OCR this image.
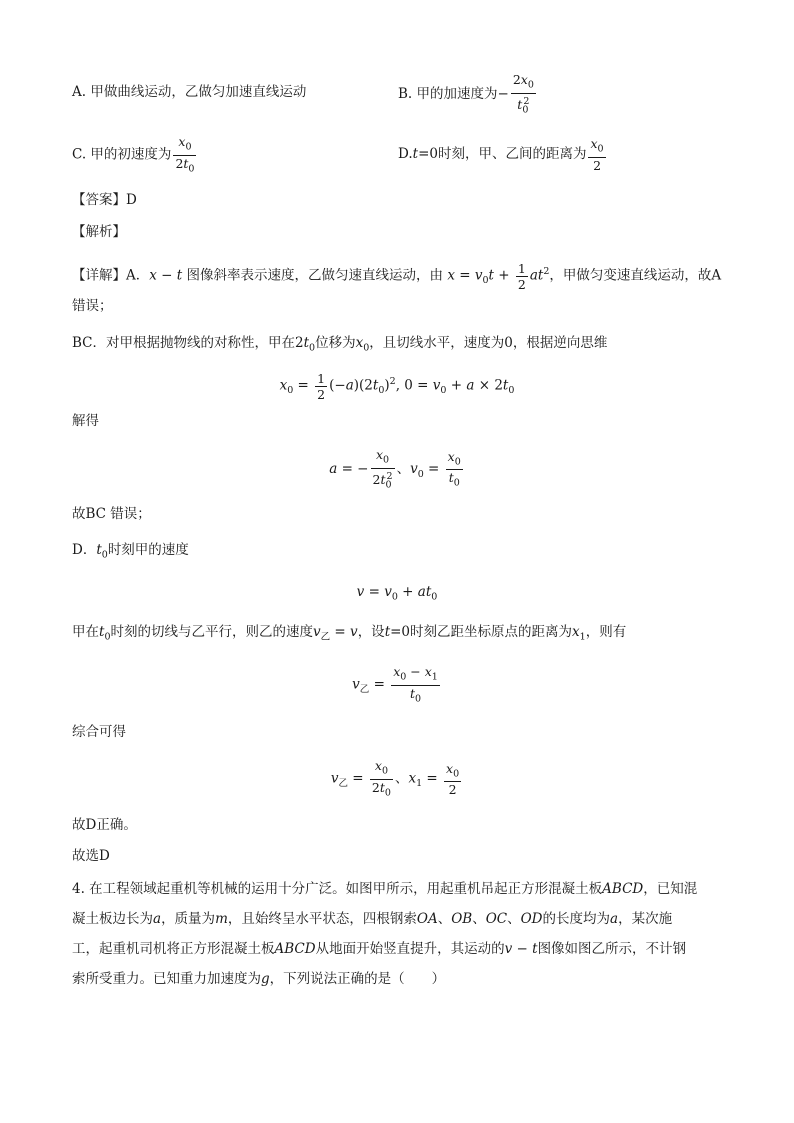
A. 甲做曲线运动，乙做匀加速直线运动	B. 甲的加速度为− $\frac{2x_0}{t_0^2}$
C. 甲的初速度为 $\frac{x_0}{2t_0}$	D.t=0时刻，甲、乙间的距离为 $\frac{x_0}{2}$
【答案】D
【解析】
【详解】A．x − t 图像斜率表示速度，乙做匀速直线运动，由 $x = v_0t + \frac{1}{2} at^2$，甲做匀变速直线运动，故A
错误；
BC．对甲根据抛物线的对称性，甲在$2t_0$位移为$x_0$，且切线水平，速度为0，根据逆向思维
$x_0 = \frac{1}{2} (-a)(2t_0)^2$, $0 = v_0 + a \times 2t_0$
解得
a = − $\frac{x_0}{2t_0^2}$ 、$v_0 = \frac{x_0}{t_0}$
故BC 错误；
D．$t_0$时刻甲的速度
$v = v_0 + at_0$
甲在$t_0$时刻的切线与乙平行，则乙的速度$v_乙 = v$，设t=0时刻乙距坐标原点的距离为$x_1$，则有
$v_乙 = \frac{x_0 - x_1}{t_0}$
综合可得
$v_乙 = \frac{x_0}{2t_0}$ 、$x_1 = \frac{x_0}{2}$
故D正确。
故选D
4. 在工程领域起重机等机械的运用十分广泛。如图甲所示，用起重机吊起正方形混凝土板ABCD，已知混
凝土板边长为a，质量为m，且始终呈水平状态，四根钢索OA、OB、OC、OD的长度均为a，某次施
工，起重机司机将正方形混凝土板ABCD从地面开始竖直提升，其运动的v − t图像如图乙所示，不计钢
索所受重力。已知重力加速度为g，下列说法正确的是（　　）
